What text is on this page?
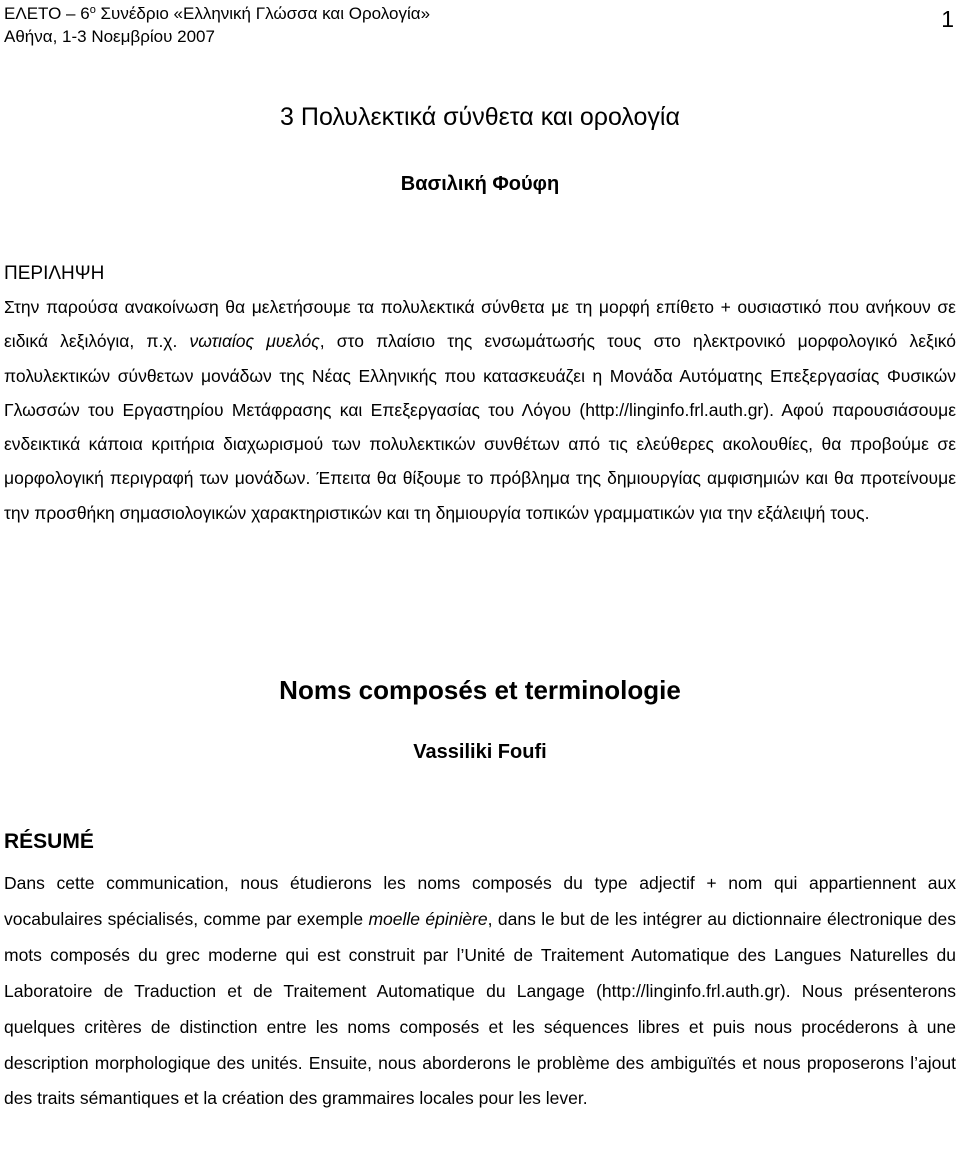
ΕΛΕΤΟ – $6^o$ Συνέδριο «Ελληνική Γλώσσα και Ορολογία»
Αθήνα, 1-3 Νοεμβρίου 2007
1
3 Πολυλεκτικά σύνθετα και ορολογία
Βασιλική Φούφη
ΠΕΡΙΛΗΨΗ

Στην παρούσα ανακοίνωση θα μελετήσουμε τα πολυλεκτικά σύνθετα με τη μορφή επίθετο + ουσιαστικό που ανήκουν σε ειδικά λεξιλόγια, π.χ. νωτιαίος μυελός, στο πλαίσιο της ενσωμάτωσής τους στο ηλεκτρονικό μορφολογικό λεξικό πολυλεκτικών σύνθετων μονάδων της Νέας Ελληνικής που κατασκευάζει η Μονάδα Αυτόματης Επεξεργασίας Φυσικών Γλωσσών του Εργαστηρίου Μετάφρασης και Επεξεργασίας του Λόγου (http://linginfo.frl.auth.gr). Αφού παρουσιάσουμε ενδεικτικά κάποια κριτήρια διαχωρισμού των πολυλεκτικών συνθέτων από τις ελεύθερες ακολουθίες, θα προβούμε σε μορφολογική περιγραφή των μονάδων. Έπειτα θα θίξουμε το πρόβλημα της δημιουργίας αμφισημιών και θα προτείνουμε την προσθήκη σημασιολογικών χαρακτηριστικών και τη δημιουργία τοπικών γραμματικών για την εξάλειψή τους.

Noms composés et terminologie
Vassiliki Foufi
RÉSUMÉ

Dans cette communication, nous étudierons les noms composés du type adjectif + nom qui appartiennent aux vocabulaires spécialisés, comme par exemple moelle épinière, dans le but de les intégrer au dictionnaire électronique des mots composés du grec moderne qui est construit par l’Unité de Traitement Automatique des Langues Naturelles du Laboratoire de Traduction et de Traitement Automatique du Langage (http://linginfo.frl.auth.gr). Nous présenterons quelques critères de distinction entre les noms composés et les séquences libres et puis nous procéderons à une description morphologique des unités. Ensuite, nous aborderons le problème des ambiguïtés et nous proposerons l’ajout des traits sémantiques et la création des grammaires locales pour les lever.
